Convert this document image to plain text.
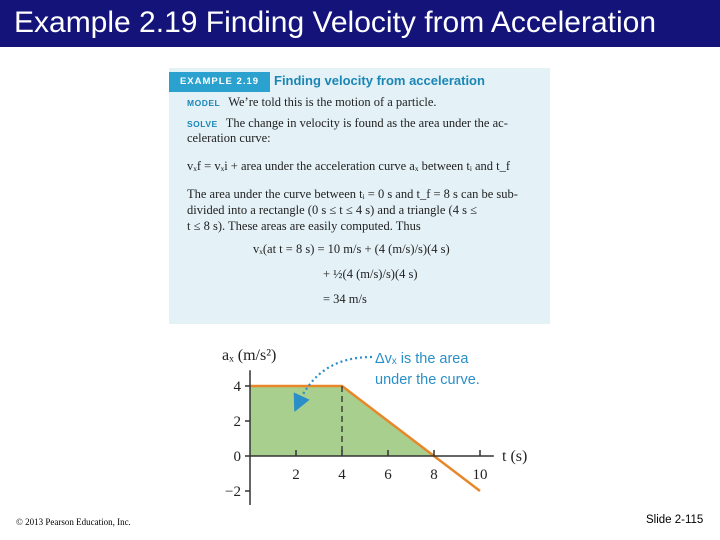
Example 2.19 Finding Velocity from Acceleration
EXAMPLE 2.19	Finding velocity from acceleration
MODEL We’re told this is the motion of a particle.
SOLVE The change in velocity is found as the area under the ac-
celeration curve:
vₓf = vₓi + area under the acceleration curve aₓ between tᵢ and t_f
The area under the curve between tᵢ = 0 s and t_f = 8 s can be sub-
divided into a rectangle (0 s ≤ t ≤ 4 s) and a triangle (4 s ≤
t ≤ 8 s). These areas are easily computed. Thus
vₓ(at t = 8 s) = 10 m/s + (4 (m/s)/s)(4 s)
+ ½(4 (m/s)/s)(4 s)
= 34 m/s
4
2
0
−2
2	4	6	8 10
aₓ (m/s²)
t (s)
Δvₓ is the area
under the curve.
© 2013 Pearson Education, Inc.	Slide 2-115
